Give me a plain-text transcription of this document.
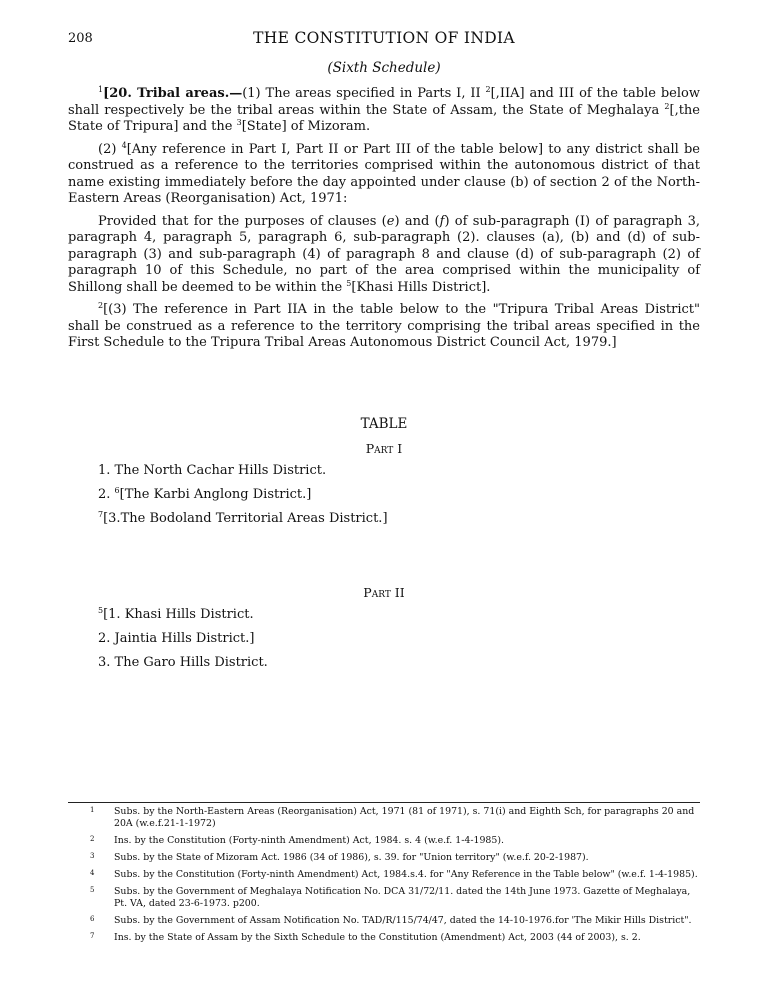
208	THE CONSTITUTION OF INDIA
(Sixth Schedule)

$^1$[20. Tribal areas.—(1) The areas specified in Parts I, II $^2$[,IIA] and III of the table below shall respectively be the tribal areas within the State of Assam, the State of Meghalaya $^2$[,the State of Tripura] and the $^3$[State] of Mizoram.

(2) $^4$[Any reference in Part I, Part II or Part III of the table below] to any district shall be construed as a reference to the territories comprised within the autonomous district of that name existing immediately before the day appointed under clause (b) of section 2 of the North-Eastern Areas (Reorganisation) Act, 1971:

Provided that for the purposes of clauses (e) and (f) of sub-paragraph (I) of paragraph 3, paragraph 4, paragraph 5, paragraph 6, sub-paragraph (2). clauses (a), (b) and (d) of sub-paragraph (3) and sub-paragraph (4) of paragraph 8 and clause (d) of sub-paragraph (2) of paragraph 10 of this Schedule, no part of the area comprised within the municipality of Shillong shall be deemed to be within the $^5$[Khasi Hills District].

$^2$[(3) The reference in Part IIA in the table below to the "Tripura Tribal Areas District" shall be construed as a reference to the territory comprising the tribal areas specified in the First Schedule to the Tripura Tribal Areas Autonomous District Council Act, 1979.]

TABLE
Part I
1. The North Cachar Hills District.
2. $^6$[The Karbi Anglong District.]
$^7$[3.The Bodoland Territorial Areas District.]
Part II
$^5$[1. Khasi Hills District.
2. Jaintia Hills District.]
3. The Garo Hills District.
1	Subs. by the North-Eastern Areas (Reorganisation) Act, 1971 (81 of 1971), s. 71(i) and Eighth Sch, for paragraphs 20 and 20A (w.e.f.21-1-1972)
2	Ins. by the Constitution (Forty-ninth Amendment) Act, 1984. s. 4 (w.e.f. 1-4-1985).
3	Subs. by the State of Mizoram Act. 1986 (34 of 1986), s. 39. for "Union territory" (w.e.f. 20-2-1987).
4	Subs. by the Constitution (Forty-ninth Amendment) Act, 1984.s.4. for "Any Reference in the Table below" (w.e.f. 1-4-1985).
5	Subs. by the Government of Meghalaya Notification No. DCA 31/72/11. dated the 14th June 1973. Gazette of Meghalaya, Pt. VA, dated 23-6-1973. p200.
6	Subs. by the Government of Assam Notification No. TAD/R/115/74/47, dated the 14-10-1976.for 'The Mikir Hills District".
7	Ins. by the State of Assam by the Sixth Schedule to the Constitution (Amendment) Act, 2003 (44 of 2003), s. 2.
